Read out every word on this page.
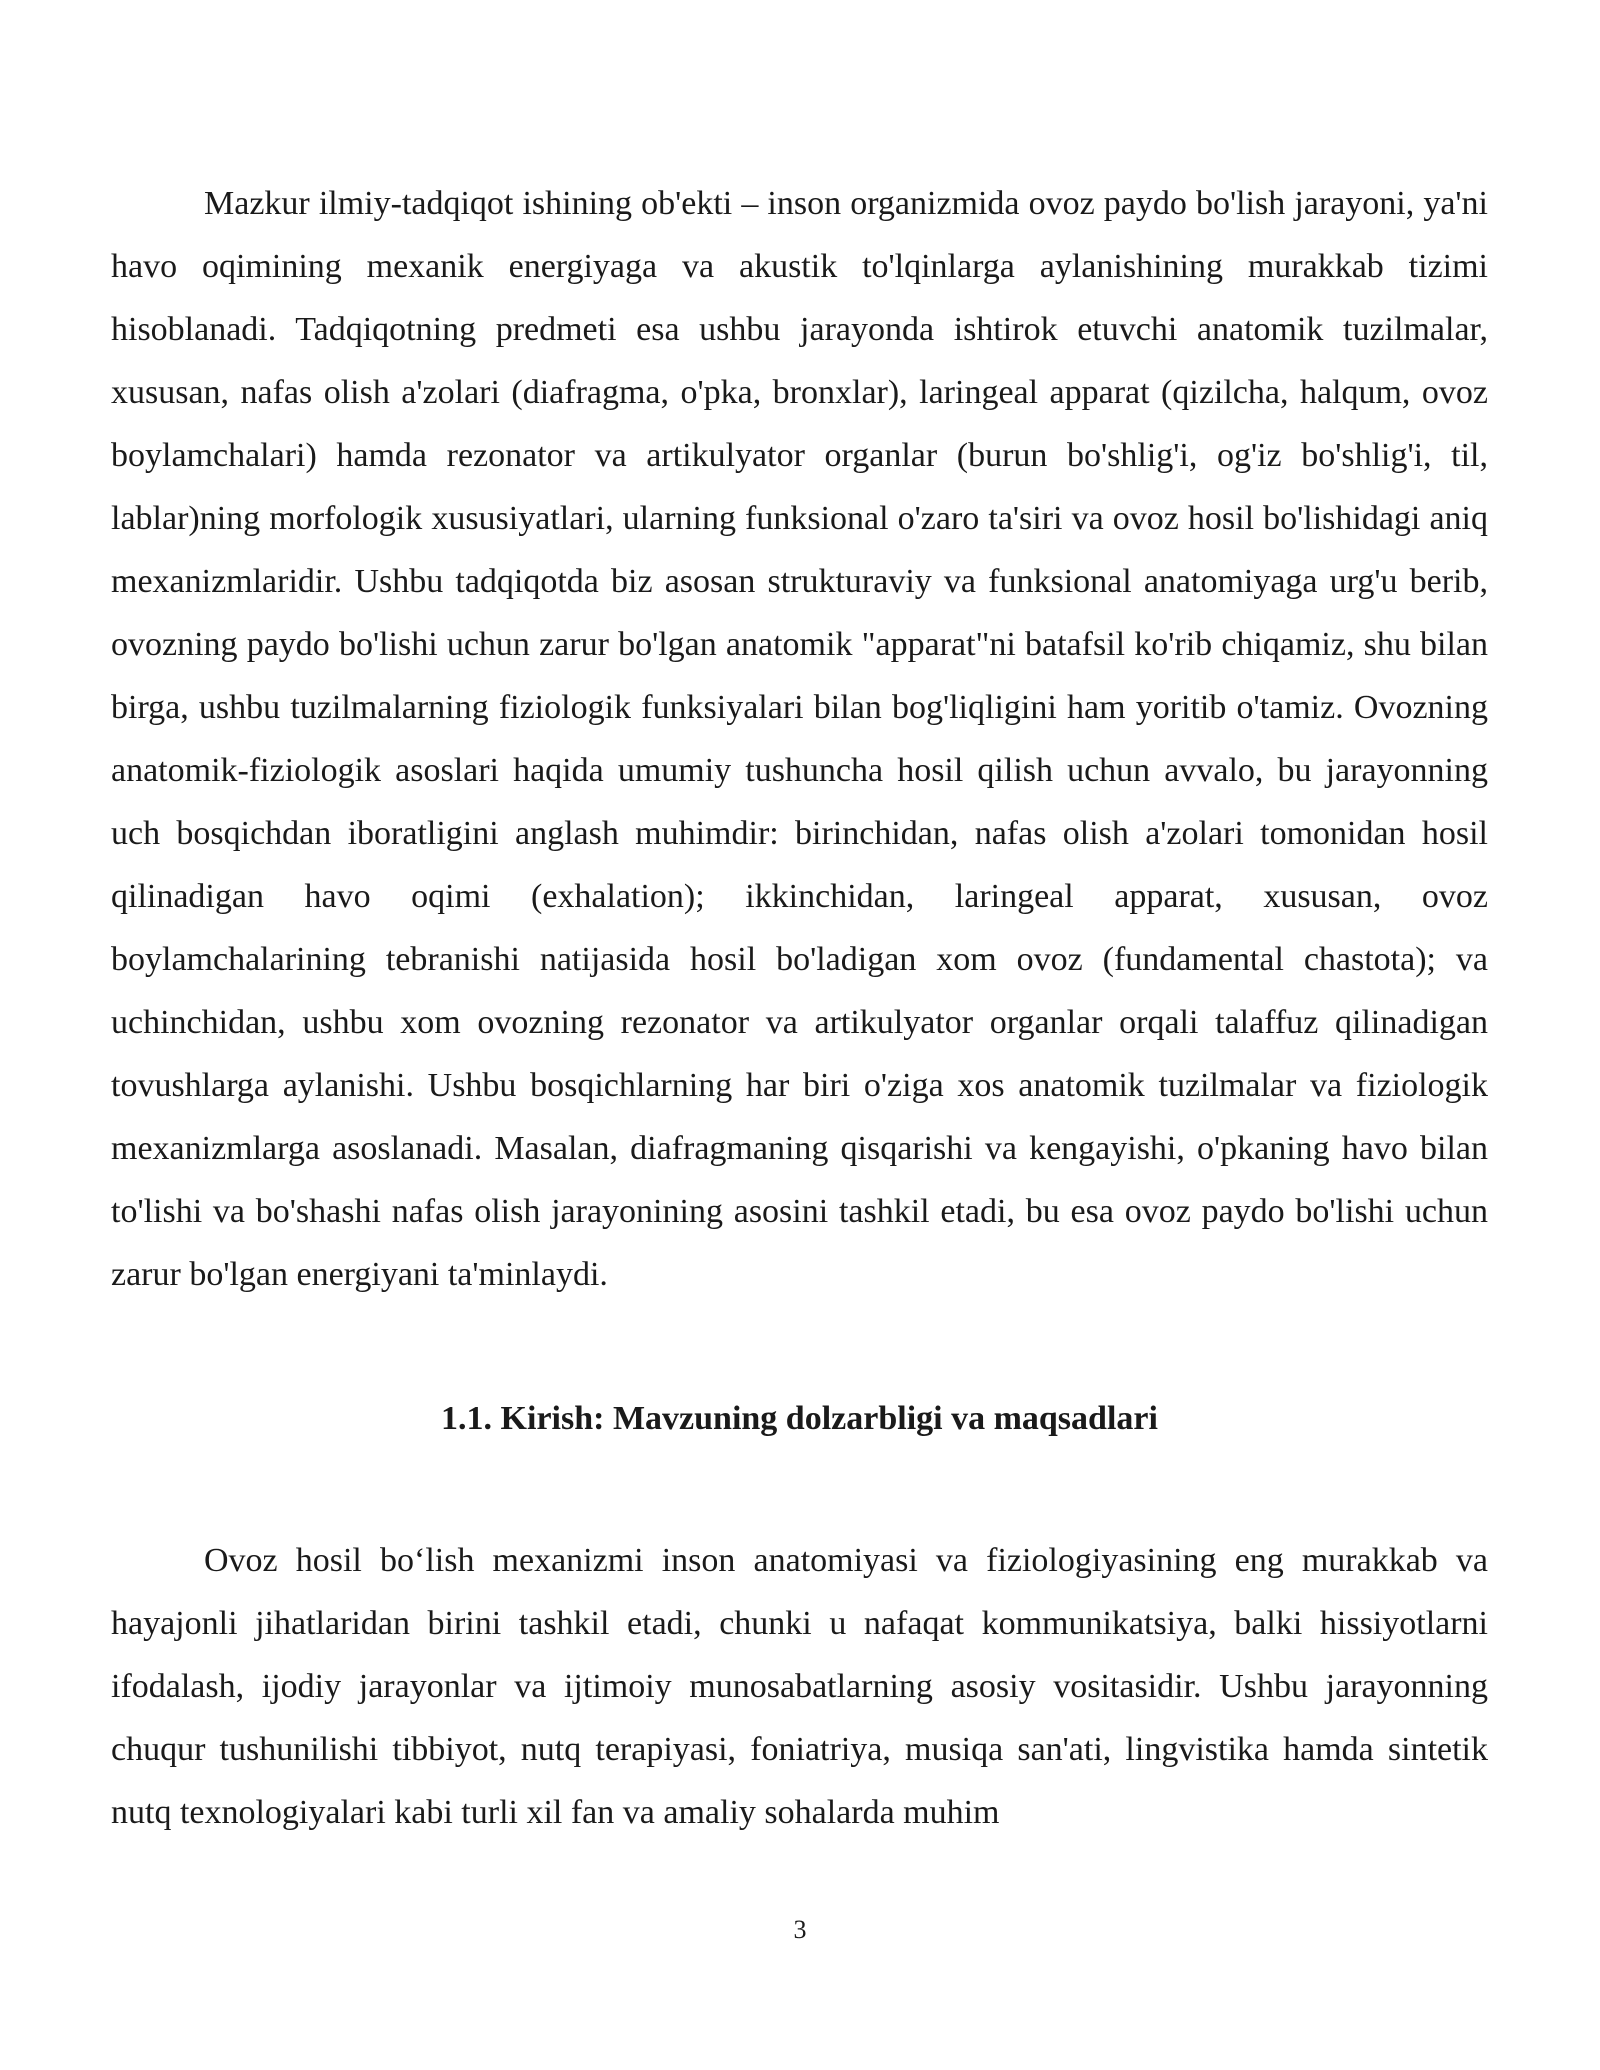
Mazkur ilmiy-tadqiqot ishining ob'ekti – inson organizmida ovoz paydo bo'lish jarayoni, ya'ni havo oqimining mexanik energiyaga va akustik to'lqinlarga aylanishining murakkab tizimi hisoblanadi. Tadqiqotning predmeti esa ushbu jarayonda ishtirok etuvchi anatomik tuzilmalar, xususan, nafas olish a'zolari (diafragma, o'pka, bronxlar), laringeal apparat (qizilcha, halqum, ovoz boylamchalari) hamda rezonator va artikulyator organlar (burun bo'shlig'i, og'iz bo'shlig'i, til, lablar)ning morfologik xususiyatlari, ularning funksional o'zaro ta'siri va ovoz hosil bo'lishidagi aniq mexanizmlaridir. Ushbu tadqiqotda biz asosan strukturaviy va funksional anatomiyaga urg'u berib, ovozning paydo bo'lishi uchun zarur bo'lgan anatomik "apparat"ni batafsil ko'rib chiqamiz, shu bilan birga, ushbu tuzilmalarning fiziologik funksiyalari bilan bog'liqligini ham yoritib o'tamiz. Ovozning anatomik-fiziologik asoslari haqida umumiy tushuncha hosil qilish uchun avvalo, bu jarayonning uch bosqichdan iboratligini anglash muhimdir: birinchidan, nafas olish a'zolari tomonidan hosil qilinadigan havo oqimi (exhalation); ikkinchidan, laringeal apparat, xususan, ovoz boylamchalarining tebranishi natijasida hosil bo'ladigan xom ovoz (fundamental chastota); va uchinchidan, ushbu xom ovozning rezonator va artikulyator organlar orqali talaffuz qilinadigan tovushlarga aylanishi. Ushbu bosqichlarning har biri o'ziga xos anatomik tuzilmalar va fiziologik mexanizmlarga asoslanadi. Masalan, diafragmaning qisqarishi va kengayishi, o'pkaning havo bilan to'lishi va bo'shashi nafas olish jarayonining asosini tashkil etadi, bu esa ovoz paydo bo'lishi uchun zarur bo'lgan energiyani ta'minlaydi.

1.1. Kirish: Mavzuning dolzarbligi va maqsadlari

Ovoz hosil bo‘lish mexanizmi inson anatomiyasi va fiziologiyasining eng murakkab va hayajonli jihatlaridan birini tashkil etadi, chunki u nafaqat kommunikatsiya, balki hissiyotlarni ifodalash, ijodiy jarayonlar va ijtimoiy munosabatlarning asosiy vositasidir. Ushbu jarayonning chuqur tushunilishi tibbiyot, nutq terapiyasi, foniatriya, musiqa san'ati, lingvistika hamda sintetik nutq texnologiyalari kabi turli xil fan va amaliy sohalarda muhim

3
